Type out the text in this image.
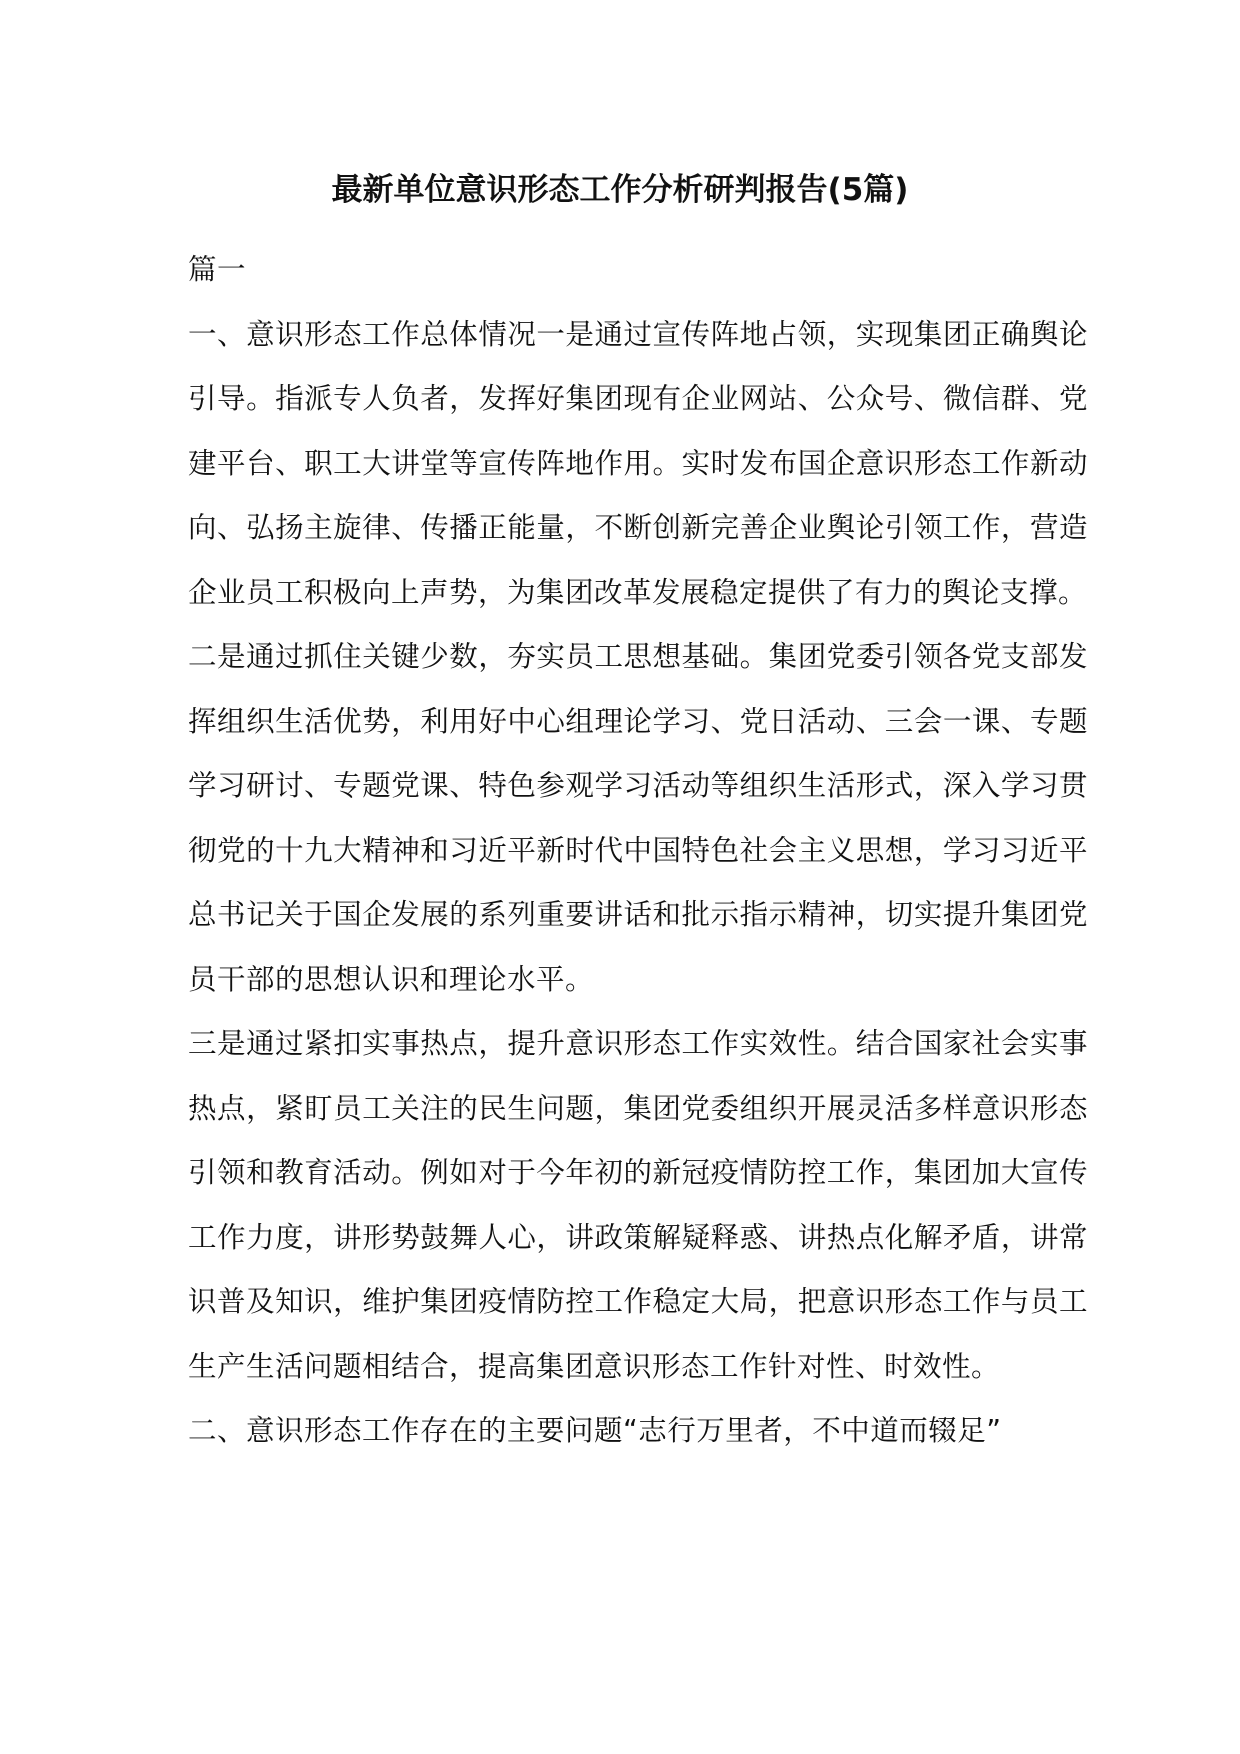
最新单位意识形态工作分析研判报告(5篇)

篇一

一、意识形态工作总体情况一是通过宣传阵地占领，实现集团正确舆论引导。指派专人负者，发挥好集团现有企业网站、公众号、微信群、党建平台、职工大讲堂等宣传阵地作用。实时发布国企意识形态工作新动向、弘扬主旋律、传播正能量，不断创新完善企业舆论引领工作，营造企业员工积极向上声势，为集团改革发展稳定提供了有力的舆论支撑。

二是通过抓住关键少数，夯实员工思想基础。集团党委引领各党支部发挥组织生活优势，利用好中心组理论学习、党日活动、三会一课、专题学习研讨、专题党课、特色参观学习活动等组织生活形式，深入学习贯彻党的十九大精神和习近平新时代中国特色社会主义思想，学习习近平总书记关于国企发展的系列重要讲话和批示指示精神，切实提升集团党员干部的思想认识和理论水平。

三是通过紧扣实事热点，提升意识形态工作实效性。结合国家社会实事热点，紧盯员工关注的民生问题，集团党委组织开展灵活多样意识形态引领和教育活动。例如对于今年初的新冠疫情防控工作，集团加大宣传工作力度，讲形势鼓舞人心，讲政策解疑释惑、讲热点化解矛盾，讲常识普及知识，维护集团疫情防控工作稳定大局，把意识形态工作与员工生产生活问题相结合，提高集团意识形态工作针对性、时效性。

二、意识形态工作存在的主要问题“志行万里者，不中道而辍足”
